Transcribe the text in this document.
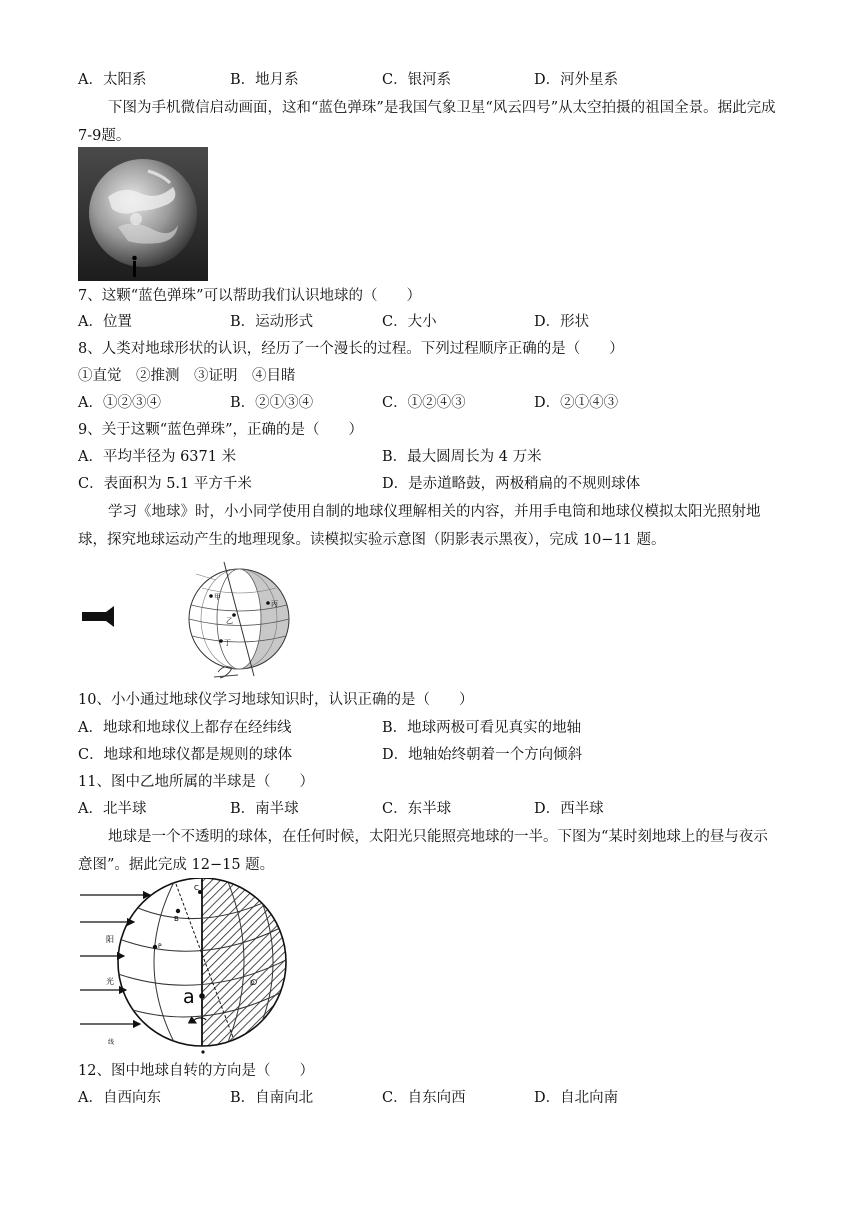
A．太阳系	B．地月系	C．银河系	D．河外星系
下图为手机微信启动画面，这和“蓝色弹珠”是我国气象卫星“风云四号”从太空拍摄的祖国全景。据此完成7-9题。
7、这颗“蓝色弹珠”可以帮助我们认识地球的（　　）
A．位置	B．运动形式	C．大小	D．形状
8、人类对地球形状的认识，经历了一个漫长的过程。下列过程顺序正确的是（　　）
①直觉　②推测　③证明　④目睹
A．①②③④	B．②①③④	C．①②④③	D．②①④③
9、关于这颗“蓝色弹珠”，正确的是（　　）
A．平均半径为 6371 米	B．最大圆周长为 4 万米
C．表面积为 5.1 平方千米	D．是赤道略鼓，两极稍扁的不规则球体
学习《地球》时，小小同学使用自制的地球仪理解相关的内容，并用手电筒和地球仪模拟太阳光照射地球，探究地球运动产生的地理现象。读模拟实验示意图（阴影表示黑夜），完成 10−11 题。
甲
乙
丙
丁
10、小小通过地球仪学习地球知识时，认识正确的是（　　）
A．地球和地球仪上都存在经纬线	B．地球两极可看见真实的地轴
C．地球和地球仪都是规则的球体	D．地轴始终朝着一个方向倾斜
11、图中乙地所属的半球是（　　）
A．北半球	B．南半球	C．东半球	D．西半球
地球是一个不透明的球体，在任何时候，太阳光只能照亮地球的一半。下图为“某时刻地球上的昼与夜示意图”。据此完成 12−15 题。
阳
光
线
B
C
P
a
D
12、图中地球自转的方向是（　　）
A．自西向东	B．自南向北	C．自东向西	D．自北向南
